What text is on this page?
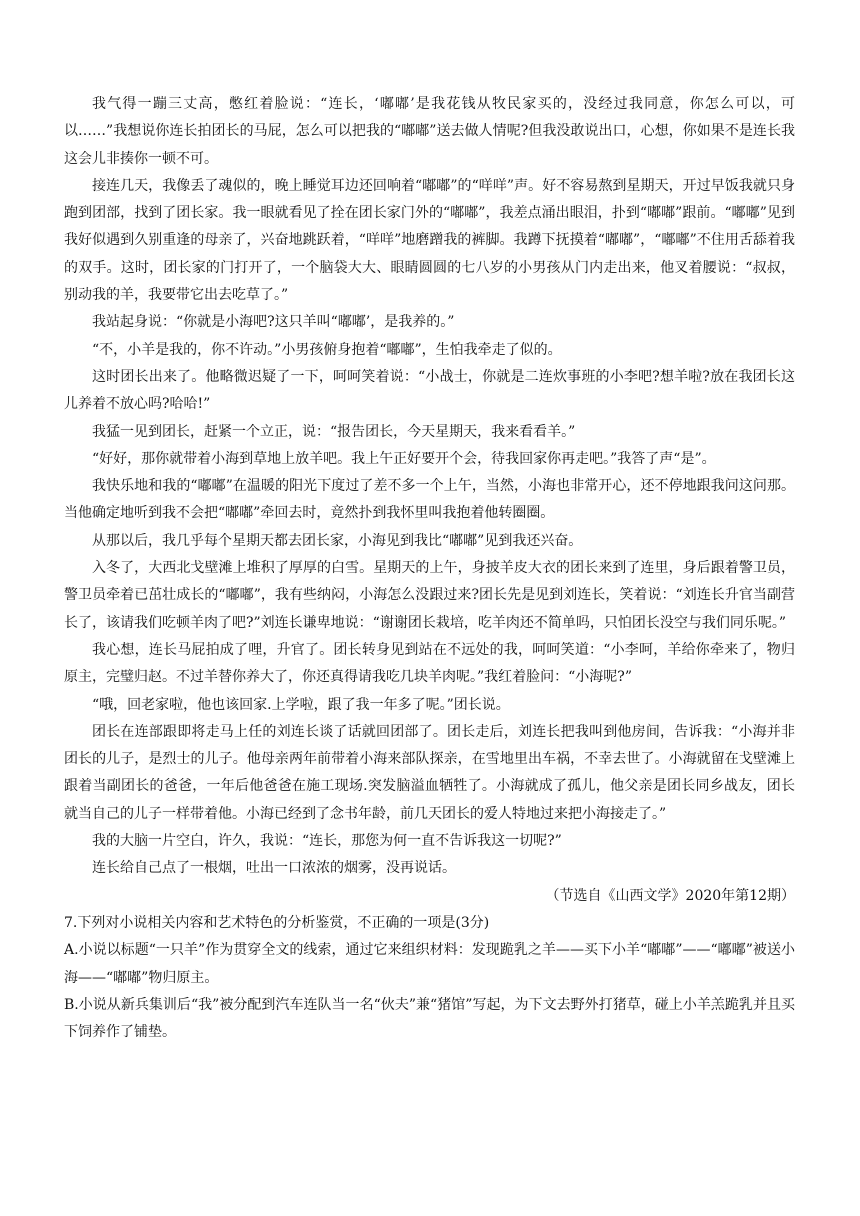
我气得一蹦三丈高，憋红着脸说：“连长，‘嘟嘟’是我花钱从牧民家买的，没经过我同意，你怎么可以，可以……”我想说你连长拍团长的马屁，怎么可以把我的“嘟嘟”送去做人情呢?但我没敢说出口，心想，你如果不是连长我这会儿非揍你一顿不可。

接连几天，我像丢了魂似的，晚上睡觉耳边还回响着“嘟嘟”的“咩咩”声。好不容易熬到星期天，开过早饭我就只身跑到团部，找到了团长家。我一眼就看见了拴在团长家门外的“嘟嘟”，我差点涌出眼泪，扑到“嘟嘟”跟前。“嘟嘟”见到我好似遇到久别重逢的母亲了，兴奋地跳跃着，“咩咩”地磨蹭我的裤脚。我蹲下抚摸着“嘟嘟”，“嘟嘟”不住用舌舔着我的双手。这时，团长家的门打开了，一个脑袋大大、眼睛圆圆的七八岁的小男孩从门内走出来，他叉着腰说：“叔叔，别动我的羊，我要带它出去吃草了。”

我站起身说：“你就是小海吧?这只羊叫“嘟嘟’，是我养的。”

“不，小羊是我的，你不许动。”小男孩俯身抱着“嘟嘟”，生怕我牵走了似的。

这时团长出来了。他略微迟疑了一下，呵呵笑着说：“小战士，你就是二连炊事班的小李吧?想羊啦?放在我团长这儿养着不放心吗?哈哈!”

我猛一见到团长，赶紧一个立正，说：“报告团长，今天星期天，我来看看羊。”

“好好，那你就带着小海到草地上放羊吧。我上午正好要开个会，待我回家你再走吧。”我答了声“是”。

我快乐地和我的“嘟嘟”在温暖的阳光下度过了差不多一个上午，当然，小海也非常开心，还不停地跟我问这问那。当他确定地听到我不会把“嘟嘟”牵回去时，竟然扑到我怀里叫我抱着他转圈圈。

从那以后，我几乎每个星期天都去团长家，小海见到我比“嘟嘟”见到我还兴奋。

入冬了，大西北戈壁滩上堆积了厚厚的白雪。星期天的上午，身披羊皮大衣的团长来到了连里，身后跟着警卫员，警卫员牵着已茁壮成长的“嘟嘟”，我有些纳闷，小海怎么没跟过来?团长先是见到刘连长，笑着说：“刘连长升官当副营长了，该请我们吃顿羊肉了吧?”刘连长谦卑地说：“谢谢团长栽培，吃羊肉还不简单吗，只怕团长没空与我们同乐呢。”

我心想，连长马屁拍成了哩，升官了。团长转身见到站在不远处的我，呵呵笑道：“小李呵，羊给你牵来了，物归原主，完璧归赵。不过羊替你养大了，你还真得请我吃几块羊肉呢。”我红着脸问：“小海呢?”

“哦，回老家啦，他也该回家.上学啦，跟了我一年多了呢。”团长说。

团长在连部跟即将走马上任的刘连长谈了话就回团部了。团长走后，刘连长把我叫到他房间，告诉我：“小海并非团长的儿子，是烈士的儿子。他母亲两年前带着小海来部队探亲，在雪地里出车祸，不幸去世了。小海就留在戈壁滩上跟着当副团长的爸爸，一年后他爸爸在施工现场.突发脑溢血牺牲了。小海就成了孤儿，他父亲是团长同乡战友，团长就当自己的儿子一样带着他。小海已经到了念书年龄，前几天团长的爱人特地过来把小海接走了。”

我的大脑一片空白，许久，我说：“连长，那您为何一直不告诉我这一切呢?”

连长给自己点了一根烟，吐出一口浓浓的烟雾，没再说话。

（节选自《山西文学》2020年第12期）

7.下列对小说相关内容和艺术特色的分析鉴赏，不正确的一项是(3分)

A.小说以标题“一只羊”作为贯穿全文的线索，通过它来组织材料：发现跪乳之羊——买下小羊“嘟嘟”——“嘟嘟”被送小海——“嘟嘟”物归原主。

B.小说从新兵集训后“我”被分配到汽车连队当一名“伙夫”兼“猪馆”写起，为下文去野外打猪草，碰上小羊羔跪乳并且买下饲养作了铺垫。
